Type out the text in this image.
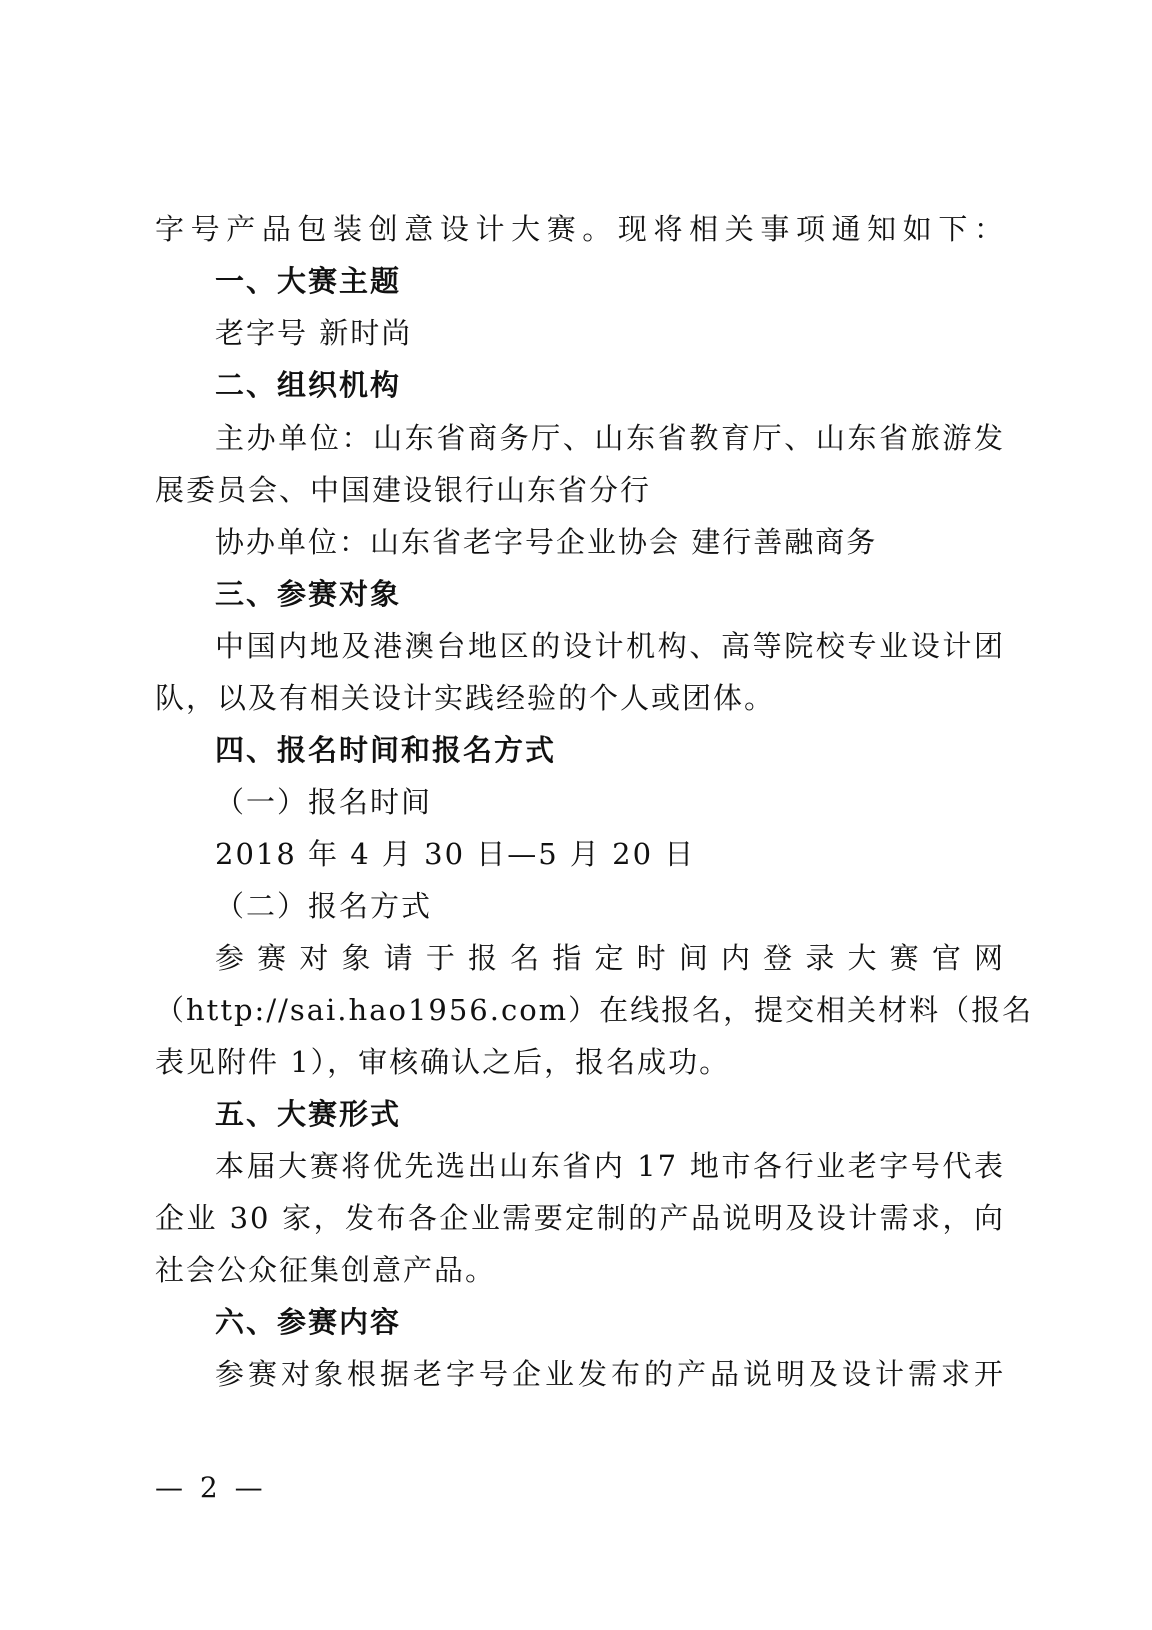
字号产品包装创意设计大赛。现将相关事项通知如下：
一、大赛主题
老字号 新时尚
二、组织机构
主办单位：山东省商务厅、山东省教育厅、山东省旅游发
展委员会、中国建设银行山东省分行
协办单位：山东省老字号企业协会 建行善融商务
三、参赛对象
中国内地及港澳台地区的设计机构、高等院校专业设计团
队，以及有相关设计实践经验的个人或团体。
四、报名时间和报名方式
（一）报名时间
2018 年 4 月 30 日—5 月 20 日
（二）报名方式
参赛对象请于报名指定时间内登录大赛官网
（http://sai.hao1956.com）在线报名，提交相关材料（报名
表见附件 1），审核确认之后，报名成功。
五、大赛形式
本届大赛将优先选出山东省内 17 地市各行业老字号代表
企业 30 家，发布各企业需要定制的产品说明及设计需求，向
社会公众征集创意产品。
六、参赛内容
参赛对象根据老字号企业发布的产品说明及设计需求开
— 2 —
